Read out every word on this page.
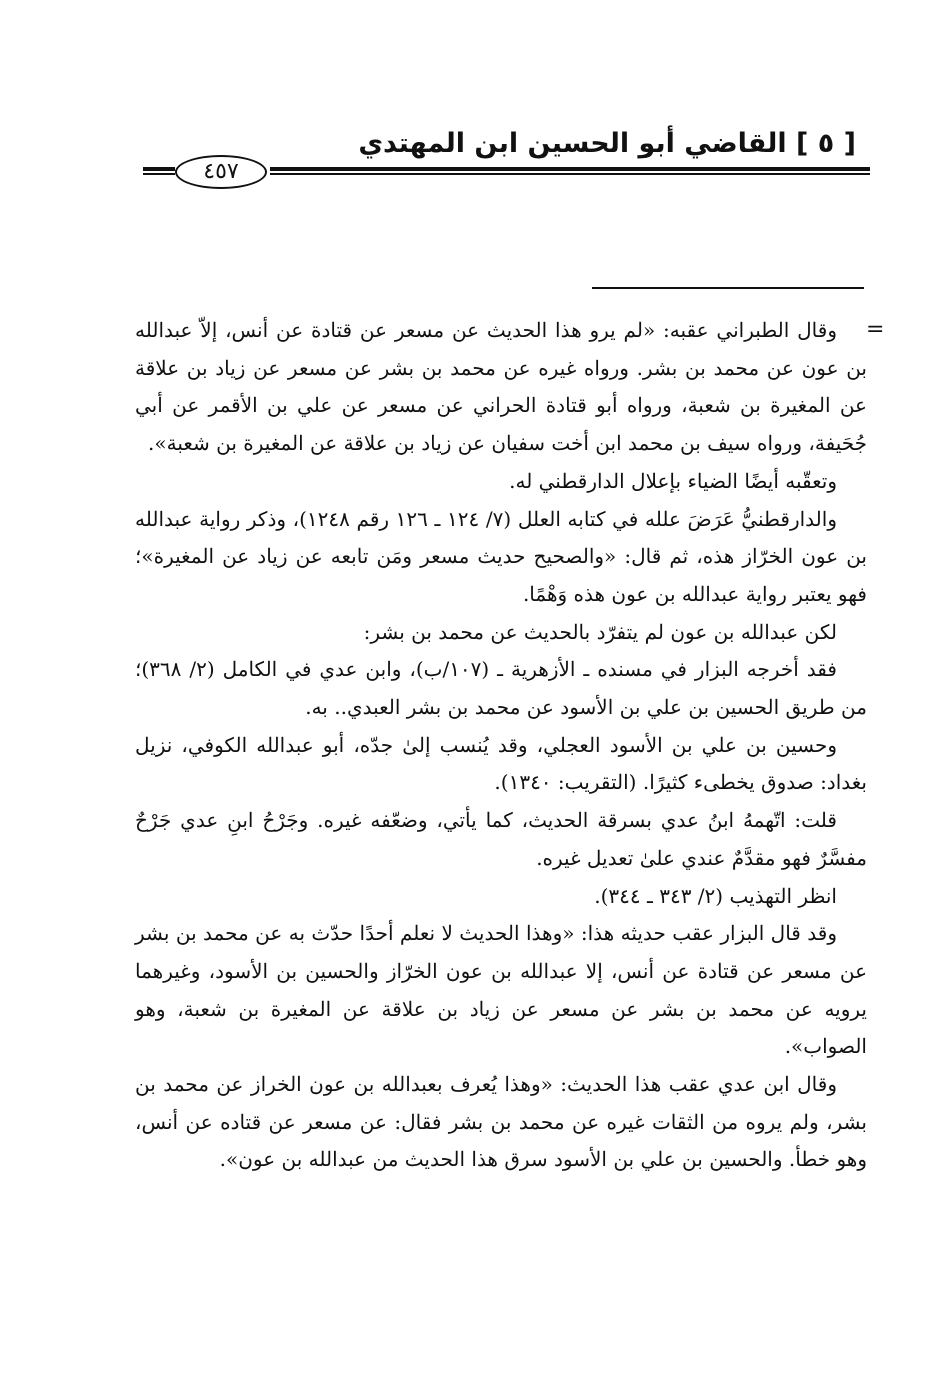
[ ٥ ] القاضي أبو الحسين ابن المهتدي
٤٥٧
=

وقال الطبراني عقبه: «لم يرو هذا الحديث عن مسعر عن قتادة عن أنس، إلاّ عبدالله بن عون عن محمد بن بشر. ورواه غيره عن محمد بن بشر عن مسعر عن زياد بن علاقة عن المغيرة بن شعبة، ورواه أبو قتادة الحراني عن مسعر عن علي بن الأقمر عن أبي جُحَيفة، ورواه سيف بن محمد ابن أخت سفيان عن زياد بن علاقة عن المغيرة بن شعبة».

وتعقّبه أيضًا الضياء بإعلال الدارقطني له.

والدارقطنيُّ عَرَضَ علله في كتابه العلل (٧/ ١٢٤ ـ ١٢٦ رقم ١٢٤٨)، وذكر رواية عبدالله بن عون الخرّاز هذه، ثم قال: «والصحيح حديث مسعر ومَن تابعه عن زياد عن المغيرة»؛ فهو يعتبر رواية عبدالله بن عون هذه وَهْمًا.

لكن عبدالله بن عون لم يتفرّد بالحديث عن محمد بن بشر:

فقد أخرجه البزار في مسنده ـ الأزهرية ـ (١٠٧/ب)، وابن عدي في الكامل (٢/ ٣٦٨)؛ من طريق الحسين بن علي بن الأسود عن محمد بن بشر العبدي.. به.

وحسين بن علي بن الأسود العجلي، وقد يُنسب إلىٰ جدّه، أبو عبدالله الكوفي، نزيل بغداد: صدوق يخطىء كثيرًا. (التقريب: ١٣٤٠).

قلت: اتّهمهُ ابنُ عدي بسرقة الحديث، كما يأتي، وضعّفه غيره. وجَرْحُ ابنِ عدي جَرْحٌ مفسَّرٌ فهو مقدَّمٌ عندي علىٰ تعديل غيره.

انظر التهذيب (٢/ ٣٤٣ ـ ٣٤٤).

وقد قال البزار عقب حديثه هذا: «وهذا الحديث لا نعلم أحدًا حدّث به عن محمد بن بشر عن مسعر عن قتادة عن أنس، إلا عبدالله بن عون الخرّاز والحسين بن الأسود، وغيرهما يرويه عن محمد بن بشر عن مسعر عن زياد بن علاقة عن المغيرة بن شعبة، وهو الصواب».

وقال ابن عدي عقب هذا الحديث: «وهذا يُعرف بعبدالله بن عون الخراز عن محمد بن بشر، ولم يروه من الثقات غيره عن محمد بن بشر فقال: عن مسعر عن قتاده عن أنس، وهو خطأ. والحسين بن علي بن الأسود سرق هذا الحديث من عبدالله بن عون».
